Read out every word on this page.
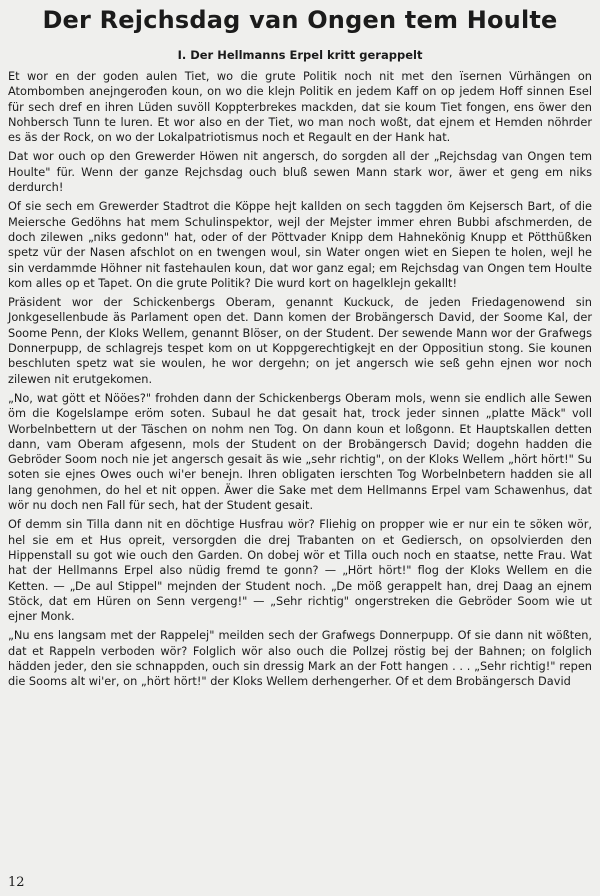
Der Rejchsdag van Ongen tem Houlte
I. Der Hellmanns Erpel kritt gerappelt

Et wor en der goden aulen Tiet, wo die grute Politik noch nit met den ïsernen Vürhängen on Atombomben anejngerođen koun, on wo die klejn Politik en jedem Kaff on op jedem Hoff sinnen Esel für sech dref en ihren Lüden suvöll Koppterbrekes mackden, dat sie koum Tiet fongen, ens öwer den Nohbersch Tunn te luren. Et wor also en der Tiet, wo man noch woßt, dat ejnem et Hemden nöhrder es äs der Rock, on wo der Lokalpatriotismus noch et Regault en der Hank hat.

Dat wor ouch op den Grewerder Höwen nit angersch, do sorgden all der „Rejchsdag van Ongen tem Houlte" für. Wenn der ganze Rejchsdag ouch bluß sewen Mann stark wor, äwer et geng em niks derdurch!

Of sie sech em Grewerder Stadtrot die Köppe hejt kallden on sech taggden öm Kejsersch Bart, of die Meiersche Gedöhns hat mem Schulinspektor, wejl der Mejster immer ehren Bubbi afschmerden, de doch zilewen „niks gedonn" hat, oder of der Pöttvader Knipp dem Hahnekönig Knupp et Pötthüßken spetz vür der Nasen afschlot on en twengen woul, sin Water ongen wiet en Siepen te holen, wejl he sin verdammde Höhner nit fastehaulen koun, dat wor ganz egal; em Rejchsdag van Ongen tem Houlte kom alles op et Tapet. On die grute Politik? Die wurd kort on hagelklejn gekallt!

Präsident wor der Schickenbergs Oberam, genannt Kuckuck, de jeden Friedagenowend sin Jonkgesellenbude äs Parlament open det. Dann komen der Brobängersch David, der Soome Kal, der Soome Penn, der Kloks Wellem, genannt Blöser, on der Student. Der sewende Mann wor der Grafwegs Donnerpupp, de schlagrejs tespet kom on ut Koppgerechtigkejt en der Oppositiun stong. Sie kounen beschluten spetz wat sie woulen, he wor dergehn; on jet angersch wie seß gehn ejnen wor noch zilewen nit erutgekomen.

„No, wat gött et Nööes?" frohden dann der Schickenbergs Oberam mols, wenn sie endlich alle Sewen öm die Kogelslampe eröm soten. Subaul he dat gesait hat, trock jeder sinnen „platte Mäck" voll Worbelnbettern ut der Täschen on nohm nen Tog. On dann koun et loßgonn. Et Hauptskallen detten dann, vam Oberam afgesenn, mols der Student on der Brobängersch David; dogehn hadden die Gebröder Soom noch nie jet angersch gesait äs wie „sehr richtig", on der Kloks Wellem „hört hört!" Su soten sie ejnes Owes ouch wi'er benejn. Ihren obligaten ierschten Tog Worbelnbetern hadden sie all lang genohmen, do hel et nit oppen. Äwer die Sake met dem Hellmanns Erpel vam Schawenhus, dat wör nu doch nen Fall für sech, hat der Student gesait.

Of demm sin Tilla dann nit en döchtige Husfrau wör? Fliehig on propper wie er nur ein te söken wör, hel sie em et Hus opreit, versorgden die drej Trabanten on et Gediersch, on opsolvierden den Hippenstall su got wie ouch den Garden. On dobej wör et Tilla ouch noch en staatse, nette Frau. Wat hat der Hellmanns Erpel also nüdig fremd te gonn? — „Hört hört!" flog der Kloks Wellem en die Ketten. — „De aul Stippel" mejnden der Student noch. „De möß gerappelt han, drej Daag an ejnem Stöck, dat em Hüren on Senn vergeng!" — „Sehr richtig" ongerstreken die Gebröder Soom wie ut ejner Monk.

„Nu ens langsam met der Rappelej" meilden sech der Grafwegs Donnerpupp. Of sie dann nit wößten, dat et Rappeln verboden wör? Folglich wör also ouch die Pollzej röstig bej der Bahnen; on folglich hädden jeder, den sie schnappden, ouch sin dressig Mark an der Fott hangen . . . „Sehr richtig!" repen die Sooms alt wi'er, on „hört hört!" der Kloks Wellem derhengerher. Of et dem Brobängersch David

12
